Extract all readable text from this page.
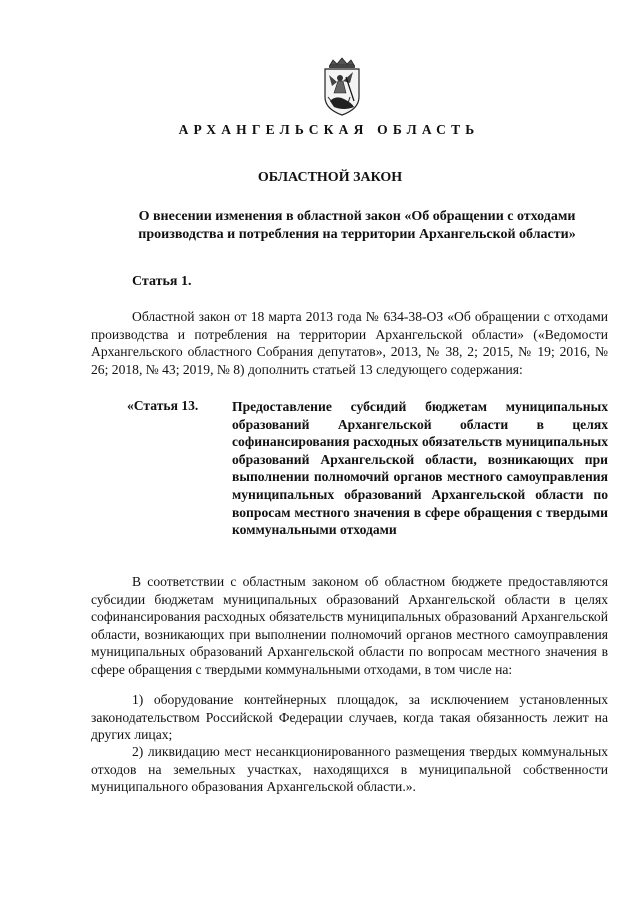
АРХАНГЕЛЬСКАЯ ОБЛАСТЬ
ОБЛАСТНОЙ ЗАКОН
О внесении изменения в областной закон «Об обращении с отходами производства и потребления на территории Архангельской области»
Статья 1.
Областной закон от 18 марта 2013 года № 634-38-ОЗ «Об обращении с отходами производства и потребления на территории Архангельской области» («Ведомости Архангельского областного Собрания депутатов», 2013, № 38, 2; 2015, № 19; 2016, № 26; 2018, № 43; 2019, № 8) дополнить статьей 13 следующего содержания:
«Статья 13. Предоставление субсидий бюджетам муниципальных образований Архангельской области в целях софинансирования расходных обязательств муниципальных образований Архангельской области, возникающих при выполнении полномочий органов местного самоуправления муниципальных образований Архангельской области по вопросам местного значения в сфере обращения с твердыми коммунальными отходами
В соответствии с областным законом об областном бюджете предоставляются субсидии бюджетам муниципальных образований Архангельской области в целях софинансирования расходных обязательств муниципальных образований Архангельской области, возникающих при выполнении полномочий органов местного самоуправления муниципальных образований Архангельской области по вопросам местного значения в сфере обращения с твердыми коммунальными отходами, в том числе на:
1) оборудование контейнерных площадок, за исключением установленных законодательством Российской Федерации случаев, когда такая обязанность лежит на других лицах;
2) ликвидацию мест несанкционированного размещения твердых коммунальных отходов на земельных участках, находящихся в муниципальной собственности муниципального образования Архангельской области.».
